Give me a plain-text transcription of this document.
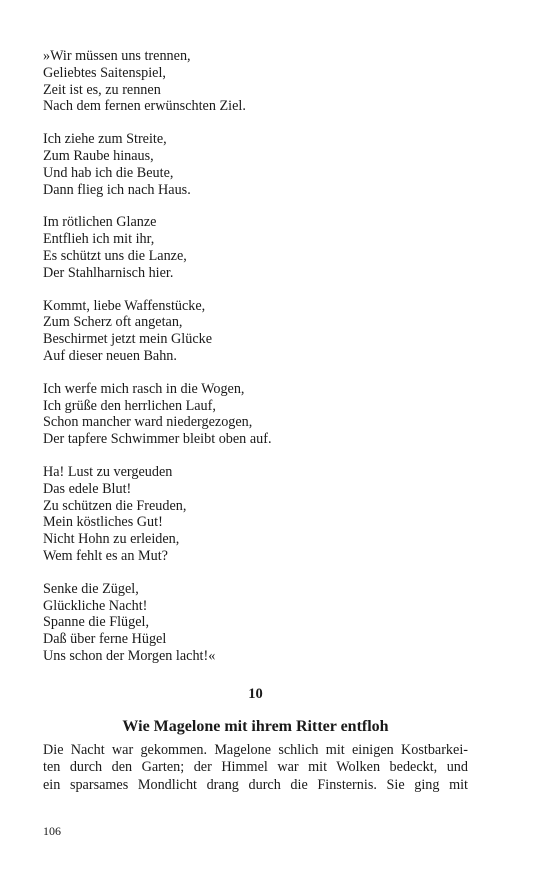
»Wir müssen uns trennen,
Geliebtes Saitenspiel,
Zeit ist es, zu rennen
Nach dem fernen erwünschten Ziel.
Ich ziehe zum Streite,
Zum Raube hinaus,
Und hab ich die Beute,
Dann flieg ich nach Haus.
Im rötlichen Glanze
Entflieh ich mit ihr,
Es schützt uns die Lanze,
Der Stahlharnisch hier.
Kommt, liebe Waffenstücke,
Zum Scherz oft angetan,
Beschirmet jetzt mein Glücke
Auf dieser neuen Bahn.
Ich werfe mich rasch in die Wogen,
Ich grüße den herrlichen Lauf,
Schon mancher ward niedergezogen,
Der tapfere Schwimmer bleibt oben auf.
Ha! Lust zu vergeuden
Das edele Blut!
Zu schützen die Freuden,
Mein köstliches Gut!
Nicht Hohn zu erleiden,
Wem fehlt es an Mut?
Senke die Zügel,
Glückliche Nacht!
Spanne die Flügel,
Daß über ferne Hügel
Uns schon der Morgen lacht!«
10
Wie Magelone mit ihrem Ritter entfloh
Die Nacht war gekommen. Magelone schlich mit einigen Kostbarkei-
ten durch den Garten; der Himmel war mit Wolken bedeckt, und
ein sparsames Mondlicht drang durch die Finsternis. Sie ging mit
106
